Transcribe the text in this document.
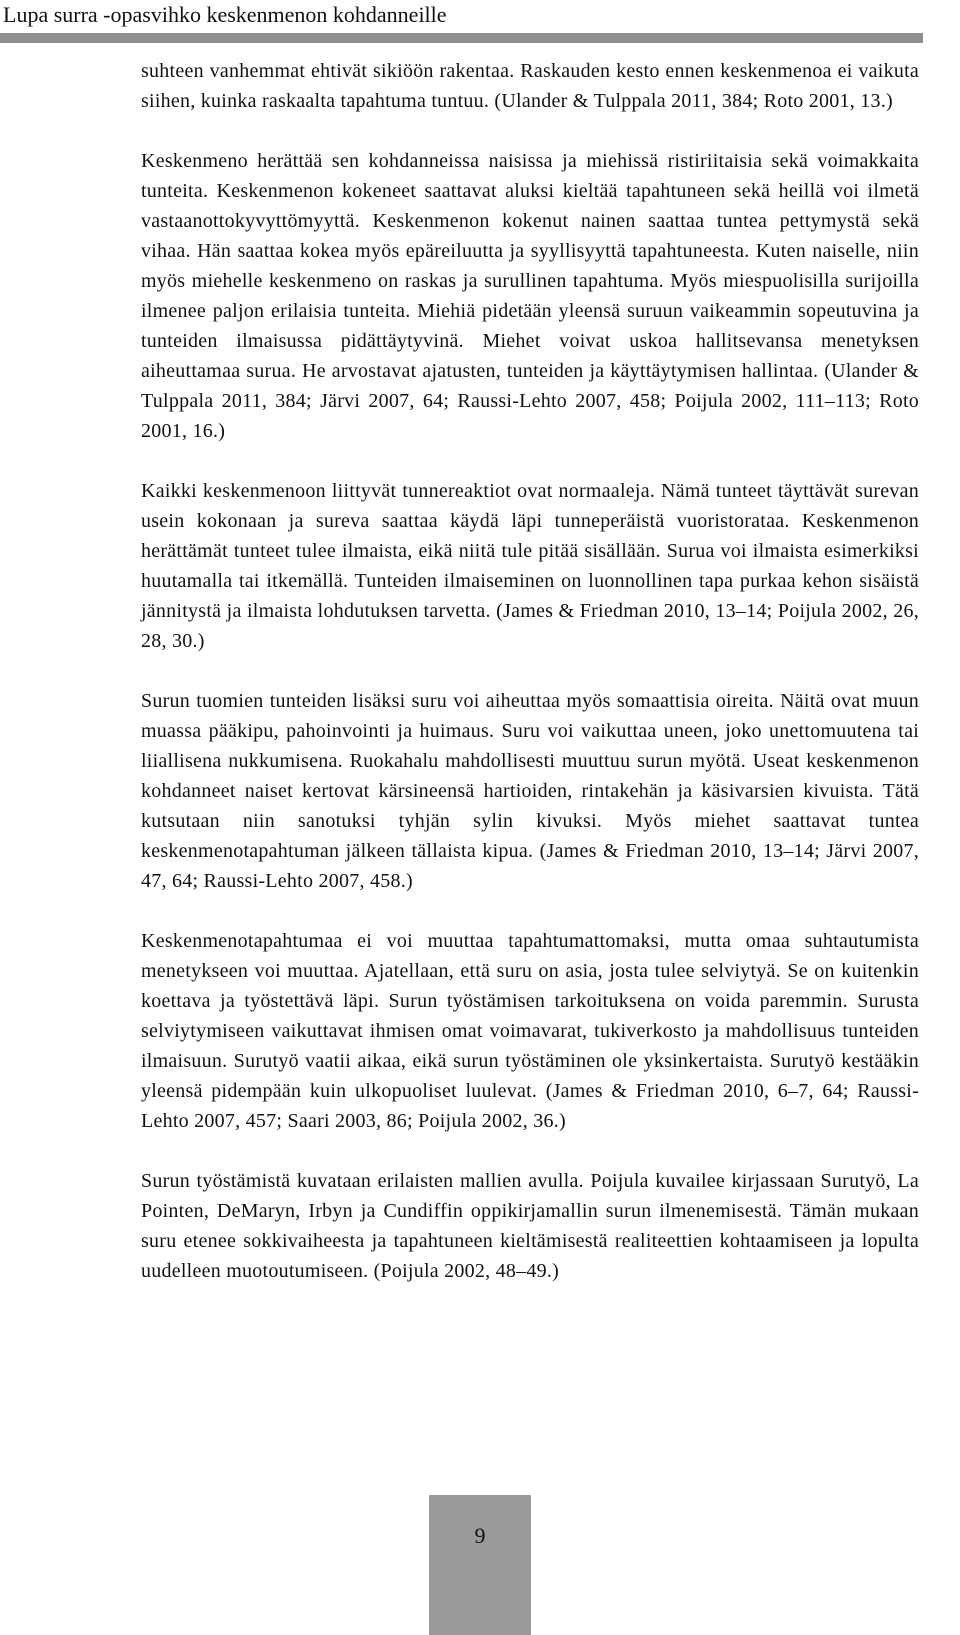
Lupa surra -opasvihko keskenmenon kohdanneille

suhteen vanhemmat ehtivät sikiöön rakentaa. Raskauden kesto ennen keskenmenoa ei vaikuta siihen, kuinka raskaalta tapahtuma tuntuu. (Ulander & Tulppala 2011, 384; Roto 2001, 13.)

Keskenmeno herättää sen kohdanneissa naisissa ja miehissä ristiriitaisia sekä voimakkaita tunteita. Keskenmenon kokeneet saattavat aluksi kieltää tapahtuneen sekä heillä voi ilmetä vastaanottokyvyttömyyttä. Keskenmenon kokenut nainen saattaa tuntea pettymystä sekä vihaa. Hän saattaa kokea myös epäreiluutta ja syyllisyyttä tapahtuneesta. Kuten naiselle, niin myös miehelle keskenmeno on raskas ja surullinen tapahtuma. Myös miespuolisilla surijoilla ilmenee paljon erilaisia tunteita. Miehiä pidetään yleensä suruun vaikeammin sopeutuvina ja tunteiden ilmaisussa pidättäytyvinä. Miehet voivat uskoa hallitsevansa menetyksen aiheuttamaa surua. He arvostavat ajatusten, tunteiden ja käyttäytymisen hallintaa. (Ulander & Tulppala 2011, 384; Järvi 2007, 64; Raussi-Lehto 2007, 458; Poijula 2002, 111–113; Roto 2001, 16.)

Kaikki keskenmenoon liittyvät tunnereaktiot ovat normaaleja. Nämä tunteet täyttävät surevan usein kokonaan ja sureva saattaa käydä läpi tunneperäistä vuoristorataa. Keskenmenon herättämät tunteet tulee ilmaista, eikä niitä tule pitää sisällään. Surua voi ilmaista esimerkiksi huutamalla tai itkemällä. Tunteiden ilmaiseminen on luonnollinen tapa purkaa kehon sisäistä jännitystä ja ilmaista lohdutuksen tarvetta. (James & Friedman 2010, 13–14; Poijula 2002, 26, 28, 30.)

Surun tuomien tunteiden lisäksi suru voi aiheuttaa myös somaattisia oireita. Näitä ovat muun muassa pääkipu, pahoinvointi ja huimaus. Suru voi vaikuttaa uneen, joko unettomuutena tai liiallisena nukkumisena. Ruokahalu mahdollisesti muuttuu surun myötä. Useat keskenmenon kohdanneet naiset kertovat kärsineensä hartioiden, rintakehän ja käsivarsien kivuista. Tätä kutsutaan niin sanotuksi tyhjän sylin kivuksi. Myös miehet saattavat tuntea keskenmenotapahtuman jälkeen tällaista kipua. (James & Friedman 2010, 13–14; Järvi 2007, 47, 64; Raussi-Lehto 2007, 458.)

Keskenmenotapahtumaa ei voi muuttaa tapahtumattomaksi, mutta omaa suhtautumista menetykseen voi muuttaa. Ajatellaan, että suru on asia, josta tulee selviytyä. Se on kuitenkin koettava ja työstettävä läpi. Surun työstämisen tarkoituksena on voida paremmin. Surusta selviytymiseen vaikuttavat ihmisen omat voimavarat, tukiverkosto ja mahdollisuus tunteiden ilmaisuun. Surutyö vaatii aikaa, eikä surun työstäminen ole yksinkertaista. Surutyö kestääkin yleensä pidempään kuin ulkopuoliset luulevat. (James & Friedman 2010, 6–7, 64; Raussi-Lehto 2007, 457; Saari 2003, 86; Poijula 2002, 36.)

Surun työstämistä kuvataan erilaisten mallien avulla. Poijula kuvailee kirjassaan Surutyö, La Pointen, DeMaryn, Irbyn ja Cundiffin oppikirjamallin surun ilmenemisestä. Tämän mukaan suru etenee sokkivaiheesta ja tapahtuneen kieltämisestä realiteettien kohtaamiseen ja lopulta uudelleen muotoutumiseen. (Poijula 2002, 48–49.)

9
